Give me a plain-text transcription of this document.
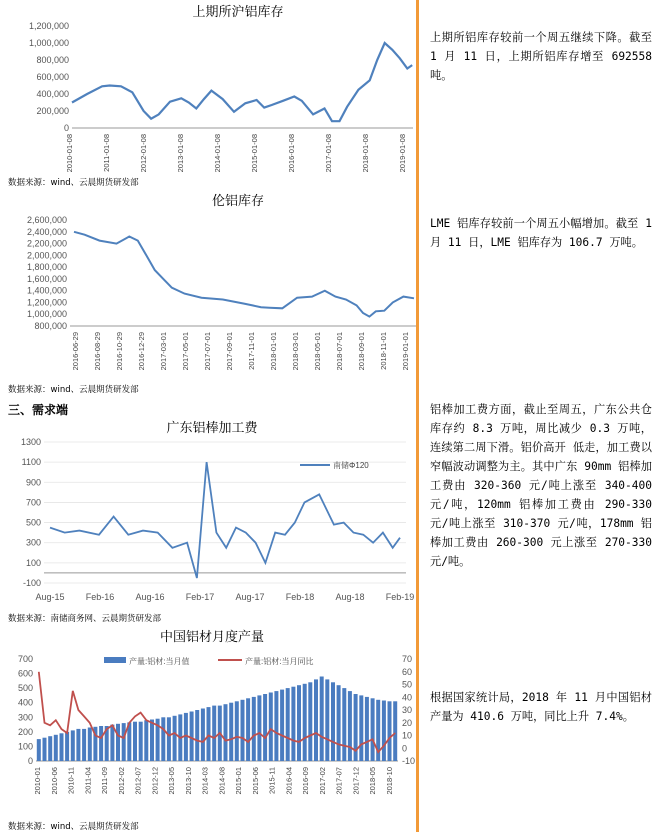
上期所沪铝库存
0
200,000
400,000
600,000
800,000
1,000,000
1,200,000
2010-01-08	2011-01-08	2012-01-08	2013-01-08	2014-01-08	2015-01-08	2016-01-08	2017-01-08	2018-01-08	2019-01-08
数据来源：wind、云晨期货研发部
伦铝库存
800,000
1,000,000
1,200,000
1,400,000
1,600,000
1,800,000
2,000,000
2,200,000
2,400,000
2,600,000
2016-06-29 2016-08-29 2016-10-29 2016-12-29 2017-03-01 2017-05-01 2017-07-01 2017-09-01 2017-11-01 2018-01-01 2018-03-01 2018-05-01 2018-07-01 2018-09-01 2018-11-01 2019-01-01
数据来源：wind、云晨期货研发部
三、需求端
广东铝棒加工费
-100
100
300
500
700
900
1100
1300
Aug-15 Feb-16 Aug-16 Feb-17 Aug-17 Feb-18 Aug-18 Feb-19
南储Φ120
数据来源：南储商务网、云晨期货研发部
中国铝材月度产量
0
100
200
300
400
500
600
700
-10
0
10
20
30
40
50
60
70
2010-01 2010-06 2010-11 2011-04 2011-09 2012-02 2012-07 2012-12 2013-05 2013-10 2014-03 2014-08 2015-01 2015-06 2015-11 2016-04 2016-09 2017-02 2017-07 2017-12 2018-05 2018-10
产量:铝材:当月值	产量:铝材:当月同比
数据来源：wind、云晨期货研发部
上期所铝库存较前一个周五继续下降。截至 1 月 11 日，上期所铝库存增至 692558 吨。
LME 铝库存较前一个周五小幅增加。截至 1 月 11 日，LME 铝库存为 106.7 万吨。
铝棒加工费方面，截止至周五，广东公共仓库存约 8.3 万吨，周比减少 0.3 万吨，连续第二周下滑。铝价高开 低走，加工费以窄幅波动调整为主。其中广东 90mm 铝棒加工费由 320-360 元/吨上涨至 340-400 元/吨，120mm 铝棒加工费由 290-330 元/吨上涨至 310-370 元/吨，178mm 铝棒加工费由 260-300 元上涨至 270-330 元/吨。
根据国家统计局，2018 年 11 月中国铝材产量为 410.6 万吨，同比上升 7.4%。
